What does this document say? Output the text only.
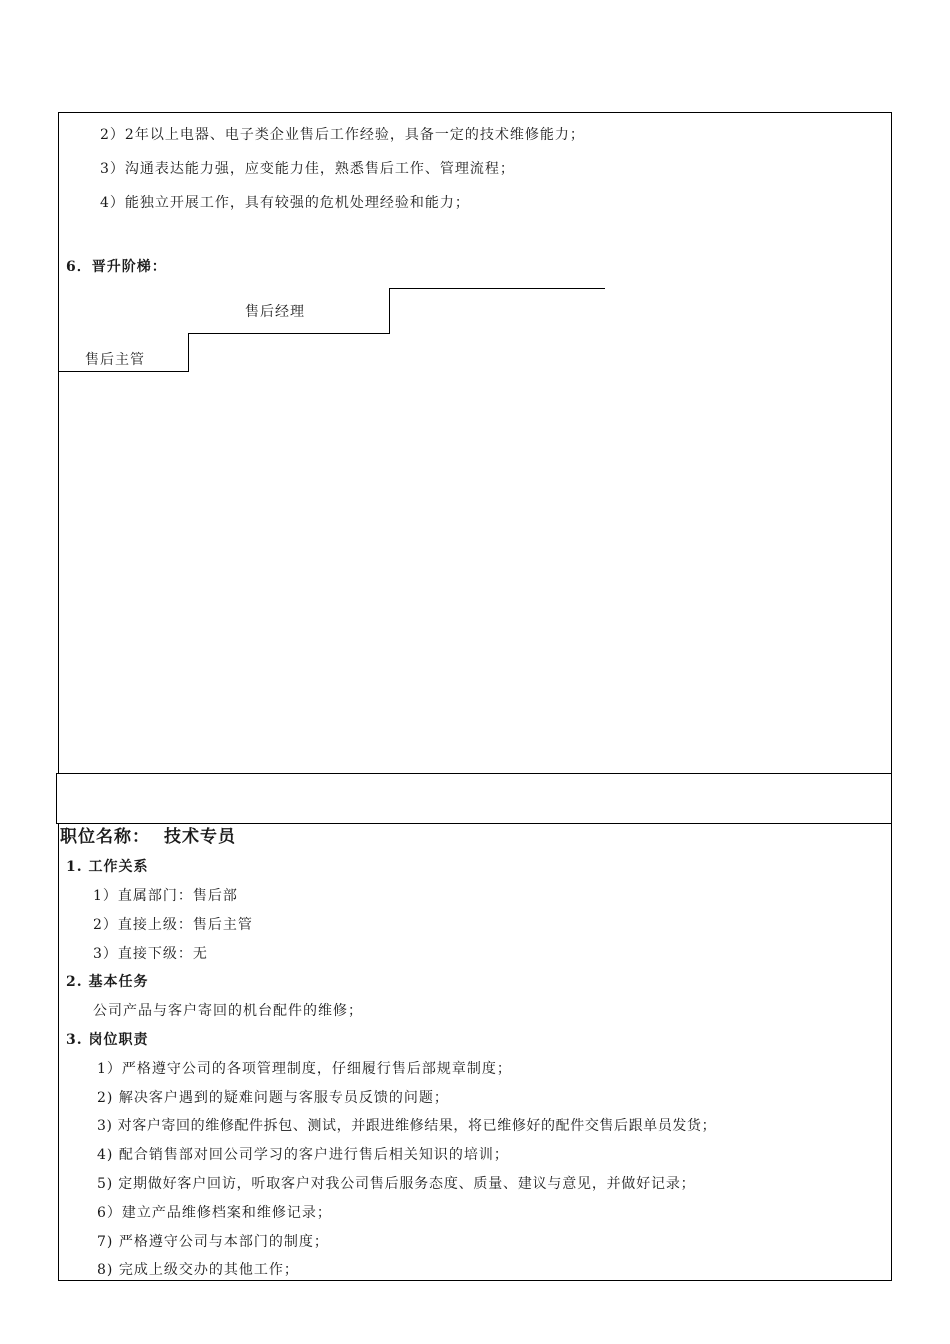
2）2年以上电器、电子类企业售后工作经验，具备一定的技术维修能力；
3）沟通表达能力强，应变能力佳，熟悉售后工作、管理流程；
4）能独立开展工作，具有较强的危机处理经验和能力；
6．晋升阶梯：
售后经理
售后主管
职位名称： 技术专员
1. 工作关系
1）直属部门：售后部
2）直接上级：售后主管
3）直接下级：无
2. 基本任务
公司产品与客户寄回的机台配件的维修；
3. 岗位职责
1）严格遵守公司的各项管理制度，仔细履行售后部规章制度；
2) 解决客户遇到的疑难问题与客服专员反馈的问题；
3) 对客户寄回的维修配件拆包、测试，并跟进维修结果，将已维修好的配件交售后跟单员发货；
4) 配合销售部对回公司学习的客户进行售后相关知识的培训；
5) 定期做好客户回访，听取客户对我公司售后服务态度、质量、建议与意见，并做好记录；
6）建立产品维修档案和维修记录；
7) 严格遵守公司与本部门的制度；
8) 完成上级交办的其他工作；
